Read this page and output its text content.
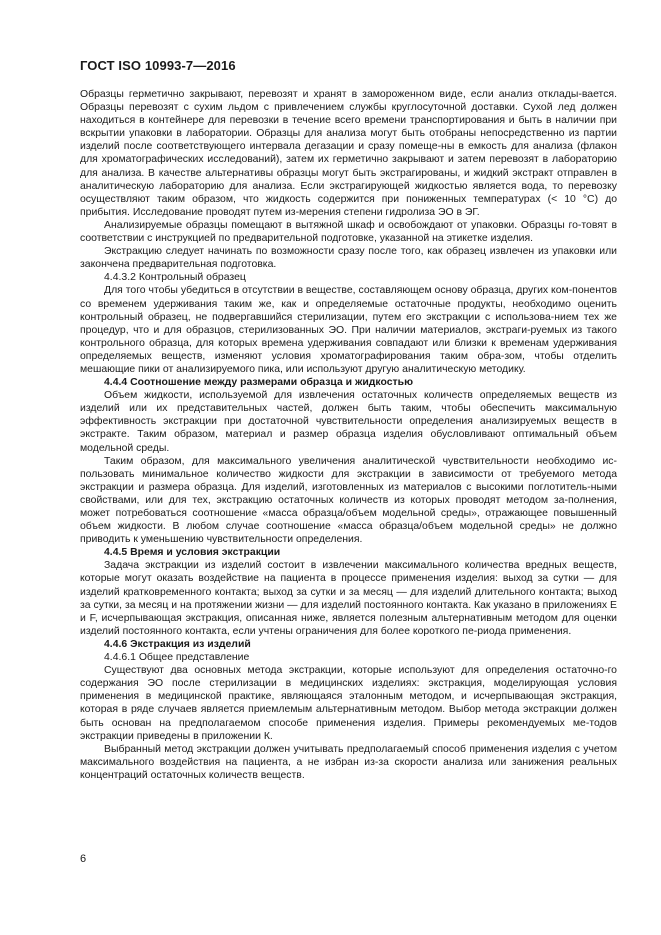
ГОСТ ISO 10993-7—2016

Образцы герметично закрывают, перевозят и хранят в замороженном виде, если анализ отклады-вается. Образцы перевозят с сухим льдом с привлечением службы круглосуточной доставки. Сухой лед должен находиться в контейнере для перевозки в течение всего времени транспортирования и быть в наличии при вскрытии упаковки в лаборатории. Образцы для анализа могут быть отобраны непосредственно из партии изделий после соответствующего интервала дегазации и сразу помеще-ны в емкость для анализа (флакон для хроматографических исследований), затем их герметично закрывают и затем перевозят в лабораторию для анализа. В качестве альтернативы образцы могут быть экстрагированы, и жидкий экстракт отправлен в аналитическую лабораторию для анализа. Если экстрагирующей жидкостью является вода, то перевозку осуществляют таким образом, что жидкость содержится при пониженных температурах (< 10 °С) до прибытия. Исследование проводят путем из-мерения степени гидролиза ЭО в ЭГ.

Анализируемые образцы помещают в вытяжной шкаф и освобождают от упаковки. Образцы го-товят в соответствии с инструкцией по предварительной подготовке, указанной на этикетке изделия.

Экстракцию следует начинать по возможности сразу после того, как образец извлечен из упаковки или закончена предварительная подготовка.

4.4.3.2 Контрольный образец

Для того чтобы убедиться в отсутствии в веществе, составляющем основу образца, других ком-понентов со временем удерживания таким же, как и определяемые остаточные продукты, необходимо оценить контрольный образец, не подвергавшийся стерилизации, путем его экстракции с использова-нием тех же процедур, что и для образцов, стерилизованных ЭО. При наличии материалов, экстраги-руемых из такого контрольного образца, для которых времена удерживания совпадают или близки к временам удерживания определяемых веществ, изменяют условия хроматографирования таким обра-зом, чтобы отделить мешающие пики от анализируемого пика, или используют другую аналитическую методику.

4.4.4 Соотношение между размерами образца и жидкостью

Объем жидкости, используемой для извлечения остаточных количеств определяемых веществ из изделий или их представительных частей, должен быть таким, чтобы обеспечить максимальную эффективность экстракции при достаточной чувствительности определения анализируемых веществ в экстракте. Таким образом, материал и размер образца изделия обусловливают оптимальный объем модельной среды.

Таким образом, для максимального увеличения аналитической чувствительности необходимо ис-пользовать минимальное количество жидкости для экстракции в зависимости от требуемого метода экстракции и размера образца. Для изделий, изготовленных из материалов с высокими поглотитель-ными свойствами, или для тех, экстракцию остаточных количеств из которых проводят методом за-полнения, может потребоваться соотношение «масса образца/объем модельной среды», отражающее повышенный объем жидкости. В любом случае соотношение «масса образца/объем модельной среды» не должно приводить к уменьшению чувствительности определения.

4.4.5 Время и условия экстракции

Задача экстракции из изделий состоит в извлечении максимального количества вредных веществ, которые могут оказать воздействие на пациента в процессе применения изделия: выход за сутки — для изделий кратковременного контакта; выход за сутки и за месяц — для изделий длительного контакта; выход за сутки, за месяц и на протяжении жизни — для изделий постоянного контакта. Как указано в приложениях Е и F, исчерпывающая экстракция, описанная ниже, является полезным альтернативным методом для оценки изделий постоянного контакта, если учтены ограничения для более короткого пе-риода применения.

4.4.6 Экстракция из изделий

4.4.6.1 Общее представление

Существуют два основных метода экстракции, которые используют для определения остаточно-го содержания ЭО после стерилизации в медицинских изделиях: экстракция, моделирующая условия применения в медицинской практике, являющаяся эталонным методом, и исчерпывающая экстракция, которая в ряде случаев является приемлемым альтернативным методом. Выбор метода экстракции должен быть основан на предполагаемом способе применения изделия. Примеры рекомендуемых ме-тодов экстракции приведены в приложении К.

Выбранный метод экстракции должен учитывать предполагаемый способ применения изделия с учетом максимального воздействия на пациента, а не избран из-за скорости анализа или занижения реальных концентраций остаточных количеств веществ.

6
